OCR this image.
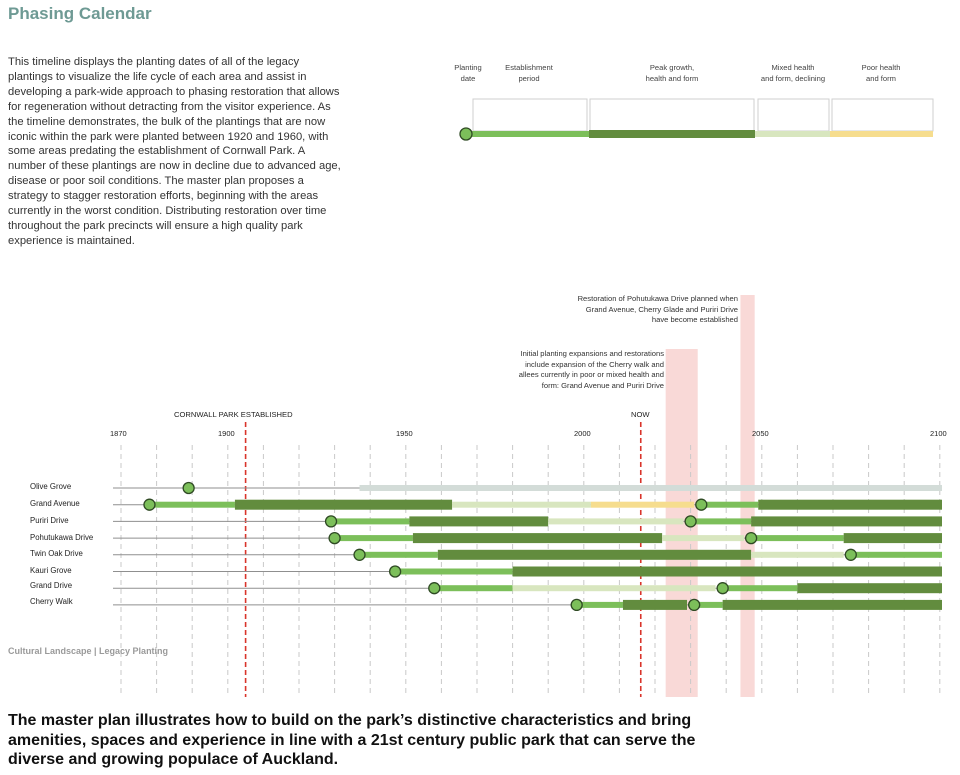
Phasing Calendar
This timeline displays the planting dates of all of the legacy plantings to visualize the life cycle of each area and assist in developing a park-wide approach to phasing restoration that allows for regeneration without detracting from the visitor experience. As the timeline demonstrates, the bulk of the plantings that are now iconic within the park were planted between 1920 and 1960, with some areas predating the establishment of Cornwall Park. A number of these plantings are now in decline due to advanced age, disease or poor soil conditions. The master plan proposes a strategy to stagger restoration efforts, beginning with the areas currently in the worst condition. Distributing restoration over time throughout the park precincts will ensure a high quality park experience is maintained.
Planting
date
Establishment
period
Peak growth,
health and form
Mixed health
and form, declining
Poor health
and form
Restoration of Pohutukawa Drive planned when
Grand Avenue, Cherry Glade and Puriri Drive
have become established
Initial planting expansions and restorations
include expansion of the Cherry walk and
allees currently in poor or mixed health and
form: Grand Avenue and Puriri Drive
CORNWALL PARK ESTABLISHED	NOW
1870	1900	1950	2000	2050	2100
Olive Grove
Grand Avenue
Puriri Drive
Pohutukawa Drive
Twin Oak Drive
Kauri Grove
Grand Drive
Cherry Walk
Cultural Landscape | Legacy Planting
The master plan illustrates how to build on the park’s distinctive characteristics and bring amenities, spaces and experience in line with a 21st century public park that can serve the diverse and growing populace of Auckland.
